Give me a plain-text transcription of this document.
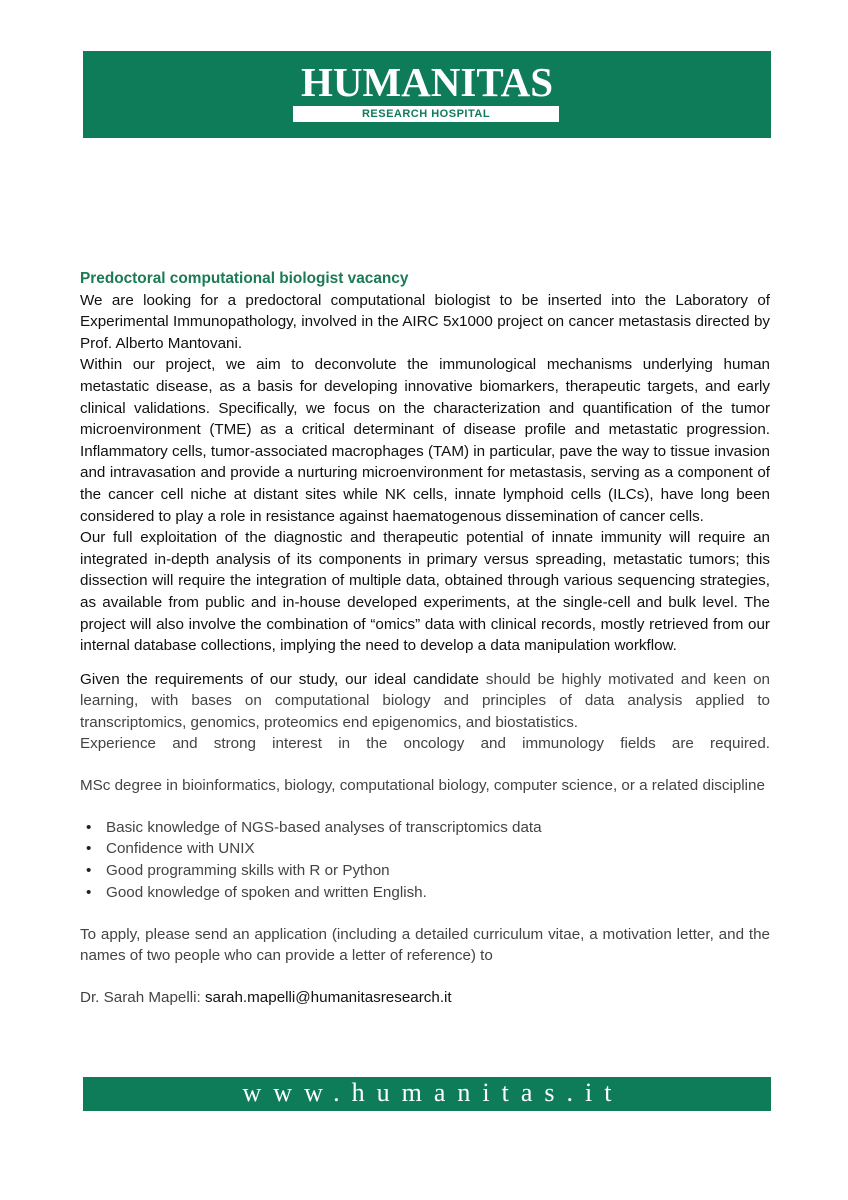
HUMANITAS
RESEARCH HOSPITAL
Predoctoral computational biologist vacancy

We are looking for a predoctoral computational biologist to be inserted into the Laboratory of Experimental Immunopathology, involved in the AIRC 5x1000 project on cancer metastasis directed by Prof. Alberto Mantovani.

Within our project, we aim to deconvolute the immunological mechanisms underlying human metastatic disease, as a basis for developing innovative biomarkers, therapeutic targets, and early clinical validations. Specifically, we focus on the characterization and quantification of the tumor microenvironment (TME) as a critical determinant of disease profile and metastatic progression. Inflammatory cells, tumor-associated macrophages (TAM) in particular, pave the way to tissue invasion and intravasation and provide a nurturing microenvironment for metastasis, serving as a component of the cancer cell niche at distant sites while NK cells, innate lymphoid cells (ILCs), have long been considered to play a role in resistance against haematogenous dissemination of cancer cells.

Our full exploitation of the diagnostic and therapeutic potential of innate immunity will require an integrated in-depth analysis of its components in primary versus spreading, metastatic tumors; this dissection will require the integration of multiple data, obtained through various sequencing strategies, as available from public and in-house developed experiments, at the single-cell and bulk level. The project will also involve the combination of “omics” data with clinical records, mostly retrieved from our internal database collections, implying the need to develop a data manipulation workflow.

Given the requirements of our study, our ideal candidate should be highly motivated and keen on learning, with bases on computational biology and principles of data analysis applied to transcriptomics, genomics, proteomics end epigenomics, and biostatistics.

Experience and strong interest in the oncology and immunology fields are required.

MSc degree in bioinformatics, biology, computational biology, computer science, or a related discipline

• Basic knowledge of NGS-based analyses of transcriptomics data
• Confidence with UNIX
• Good programming skills with R or Python
• Good knowledge of spoken and written English.

To apply, please send an application (including a detailed curriculum vitae, a motivation letter, and the names of two people who can provide a letter of reference) to

Dr. Sarah Mapelli: sarah.mapelli@humanitasresearch.it

www.humanitas.it
